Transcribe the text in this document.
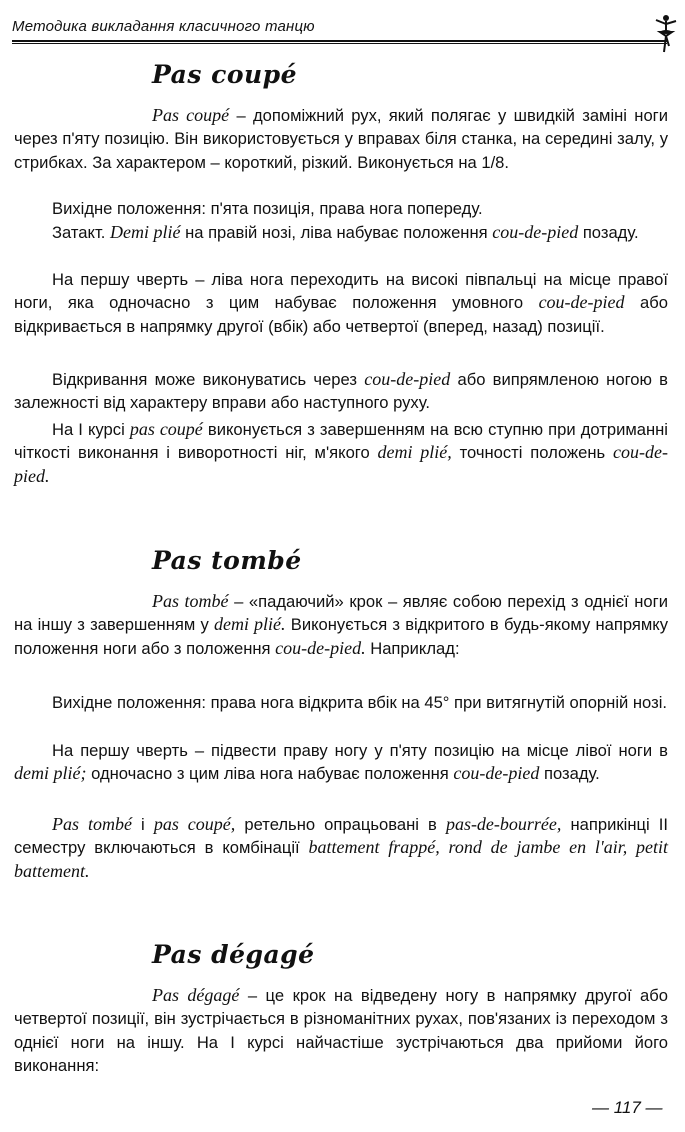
Методика викладання класичного танцю
Pas coupé
Pas coupé – допоміжний рух, який полягає у швидкій заміні ноги через п'яту позицію. Він використовується у вправах біля станка, на середині залу, у стрибках. За характером – короткий, різкий. Виконується на 1/8.
Вихідне положення: п'ята позиція, права нога попереду.
Затакт. Demi plié на правій нозі, ліва набуває положення cou-de-pied позаду.
На першу чверть – ліва нога переходить на високі півпальці на місце правої ноги, яка одночасно з цим набуває положення умовного cou-de-pied або відкривається в напрямку другої (вбік) або четвертої (вперед, назад) позиції.
Відкривання може виконуватись через cou-de-pied або випрямленою ногою в залежності від характеру вправи або наступного руху.
На I курсі pas coupé виконується з завершенням на всю ступню при дотриманні чіткості виконання і виворотності ніг, м'якого demi plié, точності положень cou-de-pied.
Pas tombé
Pas tombé – «падаючий» крок – являє собою перехід з однієї ноги на іншу з завершенням у demi plié. Виконується з відкритого в будь-якому напрямку положення ноги або з положення cou-de-pied. Наприклад:
Вихідне положення: права нога відкрита вбік на 45° при витягнутій опорній нозі.
На першу чверть – підвести праву ногу у п'яту позицію на місце лівої ноги в demi plié; одночасно з цим ліва нога набуває положення cou-de-pied позаду.
Pas tombé і pas coupé, ретельно опрацьовані в pas-de-bourrée, наприкінці II семестру включаються в комбінації battement frappé, rond de jambe en l'air, petit battement.
Pas dégagé
Pas dégagé – це крок на відведену ногу в напрямку другої або четвертої позиції, він зустрічається в різноманітних рухах, пов'язаних із переходом з однієї ноги на іншу. На I курсі найчастіше зустрічаються два прийоми його виконання:
— 117 —
